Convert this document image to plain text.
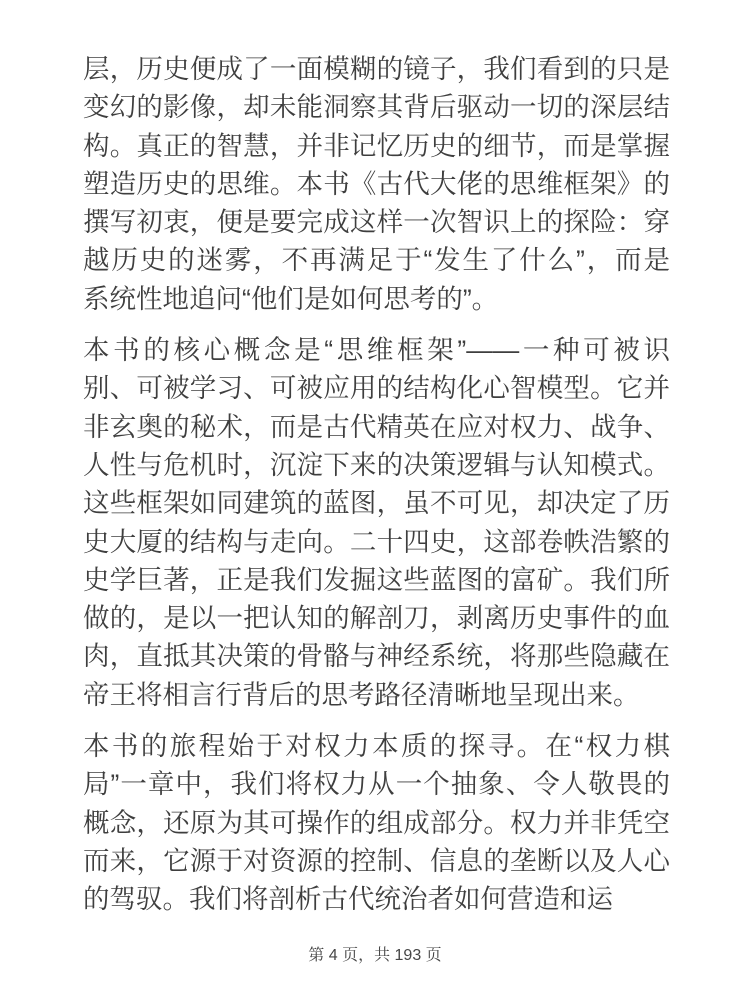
层，历史便成了一面模糊的镜子，我们看到的只是
变幻的影像，却未能洞察其背后驱动一切的深层结
构。真正的智慧，并非记忆历史的细节，而是掌握
塑造历史的思维。本书《古代大佬的思维框架》的
撰写初衷，便是要完成这样一次智识上的探险：穿
越历史的迷雾，不再满足于“发生了什么”，而是
系统性地追问“他们是如何思考的”。
本书的核心概念是“思维框架”——一种可被识
别、可被学习、可被应用的结构化心智模型。它并
非玄奥的秘术，而是古代精英在应对权力、战争、
人性与危机时，沉淀下来的决策逻辑与认知模式。
这些框架如同建筑的蓝图，虽不可见，却决定了历
史大厦的结构与走向。二十四史，这部卷帙浩繁的
史学巨著，正是我们发掘这些蓝图的富矿。我们所
做的，是以一把认知的解剖刀，剥离历史事件的血
肉，直抵其决策的骨骼与神经系统，将那些隐藏在
帝王将相言行背后的思考路径清晰地呈现出来。
本书的旅程始于对权力本质的探寻。在“权力棋
局”一章中，我们将权力从一个抽象、令人敬畏的
概念，还原为其可操作的组成部分。权力并非凭空
而来，它源于对资源的控制、信息的垄断以及人心
的驾驭。我们将剖析古代统治者如何营造和运
第 4 页，共 193 页
